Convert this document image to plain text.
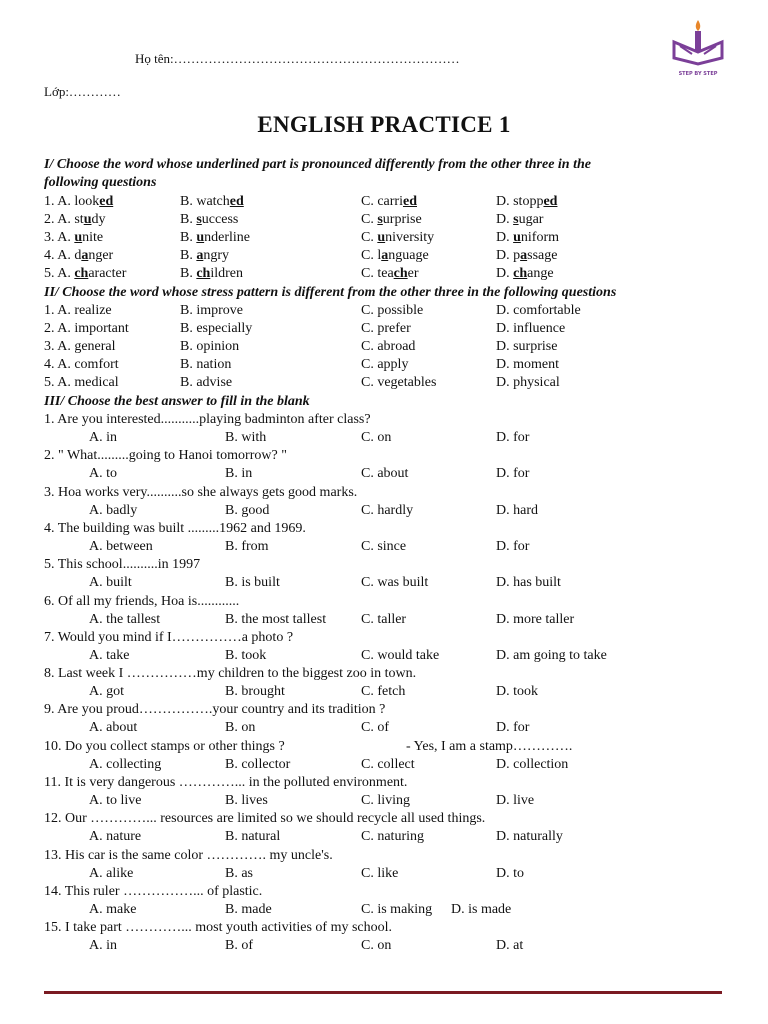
Họ tên:…………………………………………………………
Lớp:…………
STEP BY STEP
ENGLISH PRACTICE 1
I/ Choose the word whose underlined part is pronounced differently from the other three in the
following questions
1. A. looked	B. watched	C. carried	D. stopped
2. A. study	B. success	C. surprise	D. sugar
3. A. unite	B. underline	C. university	D. uniform
4. A. danger	B. angry	C. language	D. passage
5. A. character	B. children	C. teacher	D. change
II/ Choose the word whose stress pattern is different from the other three in the following questions
1. A. realize	B. improve	C. possible	D. comfortable
2. A. important	B. especially	C. prefer	D. influence
3. A. general	B. opinion	C. abroad	D. surprise
4. A. comfort	B. nation	C. apply	D. moment
5. A. medical	B. advise	C. vegetables	D. physical
III/ Choose the best answer to fill in the blank
1. Are you interested...........playing badminton after class?
A. in	B. with	C. on	D. for
2. " What.........going to Hanoi tomorrow? "
A. to	B. in	C. about	D. for
3. Hoa works very..........so she always gets good marks.
A. badly	B. good	C. hardly	D. hard
4. The building was built .........1962 and 1969.
A. between	B. from	C. since	D. for
5. This school..........in 1997
A. built	B. is built	C. was built	D. has built
6. Of all my friends, Hoa is............
A. the tallest	B. the most tallest C. taller	D. more taller
7. Would you mind if I……………a photo ?
A. take	B. took	C. would take	D. am going to take
8. Last week I ……………my children to the biggest zoo in town.
A. got	B. brought	C. fetch	D. took
9. Are you proud…………….your country and its tradition ?
A. about	B. on	C. of	D. for
10. Do you collect stamps or other things ?	- Yes, I am a stamp………….
A. collecting	B. collector	C. collect	D. collection
11. It is very dangerous …………... in the polluted environment.
A. to live	B. lives	C. living	D. live
12. Our …………... resources are limited so we should recycle all used things.
A. nature	B. natural	C. naturing	D. naturally
13. His car is the same color …………. my uncle's.
A. alike	B. as	C. like	D. to
14. This ruler ……………... of plastic.
A. make	B. made	C. is making D. is made
15. I take part …………... most youth activities of my school.
A. in	B. of	C. on	D. at
